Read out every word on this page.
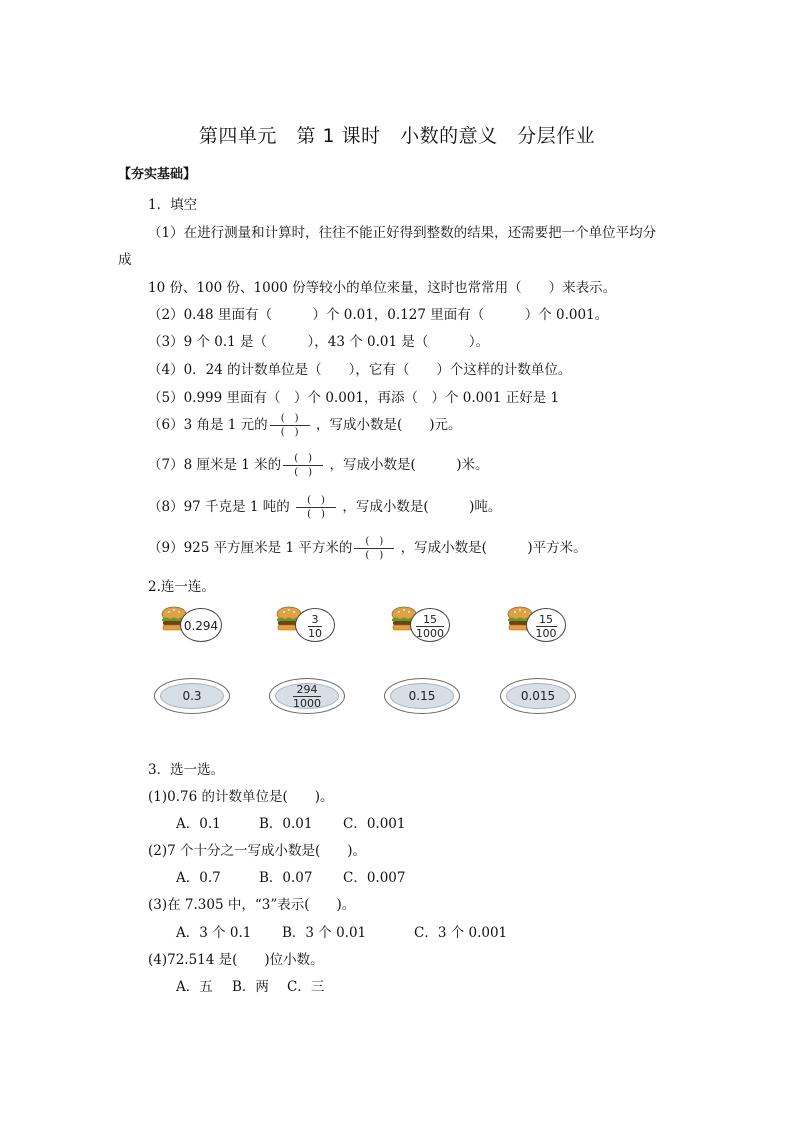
第四单元　第 1 课时　小数的意义　分层作业
【夯实基础】
1．填空
（1）在进行测量和计算时，往往不能正好得到整数的结果，还需要把一个单位平均分
成
10 份、100 份、1000 份等较小的单位来量，这时也常常用（　　）来表示。
（2）0.48 里面有（　　　）个 0.01，0.127 里面有（　　　）个 0.001。
（3）9 个 0.1 是（　　　），43 个 0.01 是（　　　）。
（4）0．24 的计数单位是（　　），它有（　　）个这样的计数单位。
（5）0.999 里面有（　）个 0.001，再添（　）个 0.001 正好是 1
（6）3 角是 1 元的 $\frac{( )}{( )}$ ，写成小数是(　　)元。
（7）8 厘米是 1 米的 $\frac{( )}{( )}$ ，写成小数是(　　　)米。
（8）97 千克是 1 吨的 $\frac{( )}{( )}$ ，写成小数是(　　　)吨。
（9）925 平方厘米是 1 平方米的 $\frac{( )}{( )}$ ，写成小数是(　　　)平方米。
2.连一连。
0.294	$\frac{3}{10}$	$\frac{15}{1000}$	$\frac{15}{100}$
0.3	294
1000	0.15	0.015
3．选一选。
(1)0.76 的计数单位是(　　)。
A．0.1	B．0.01 C．0.001
(2)7 个十分之一写成小数是(　　)。
A．0.7	B．0.07 C．0.007
(3)在 7.305 中，“3”表示(　　)。
A．3 个 0.1 B．3 个 0.01	C．3 个 0.001
(4)72.514 是(　　)位小数。
A．五 B．两 C．三
